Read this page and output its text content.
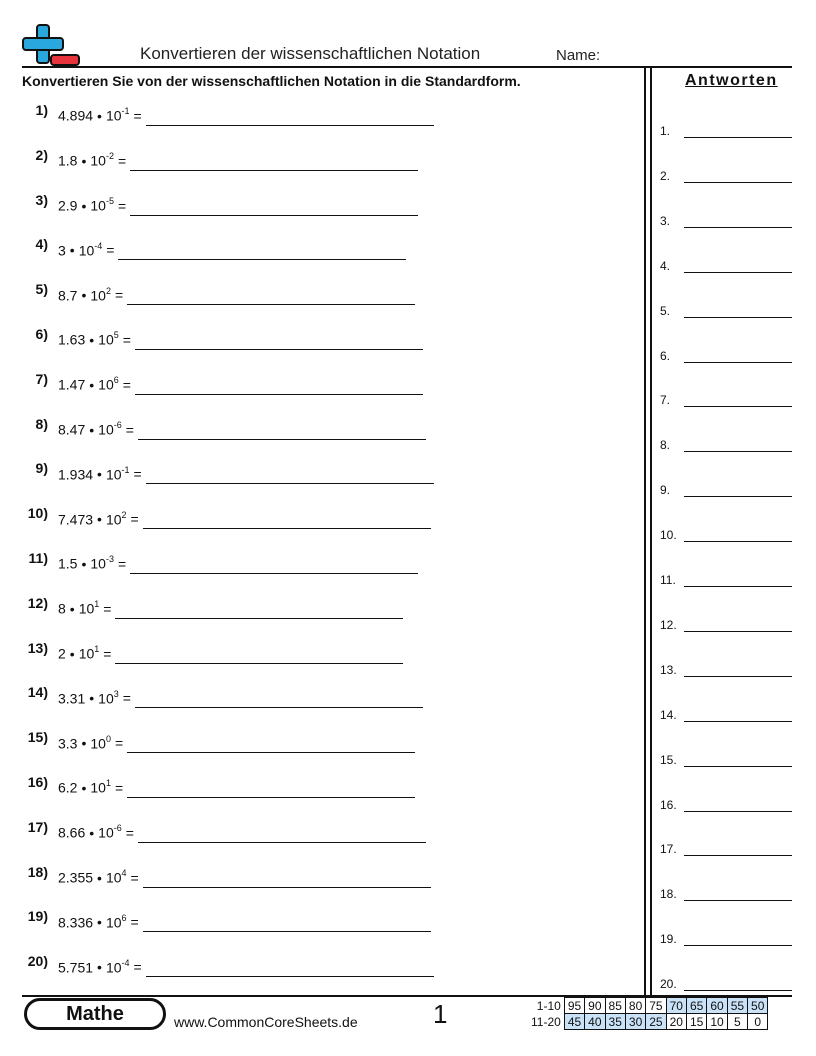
Konvertieren der wissenschaftlichen Notation	Name:
Konvertieren Sie von der wissenschaftlichen Notation in die Standardform.
1) 4.894 • $10^{-1}$ =
2) 1.8 • $10^{-2}$ =
3) 2.9 • $10^{-5}$ =
4) 3 • $10^{-4}$ =
5) 8.7 • $10^2$ =
6) 1.63 • $10^5$ =
7) 1.47 • $10^6$ =
8) 8.47 • $10^{-6}$ =
9) 1.934 • $10^{-1}$ =
10) 7.473 • $10^2$ =
11) 1.5 • $10^{-3}$ =
12) 8 • $10^1$ =
13) 2 • $10^1$ =
14) 3.31 • $10^3$ =
15) 3.3 • $10^0$ =
16) 6.2 • $10^1$ =
17) 8.66 • $10^{-6}$ =
18) 2.355 • $10^4$ =
19) 8.336 • $10^6$ =
20) 5.751 • $10^{-4}$ =
Antworten
1.
2.
3.
4.
5.
6.
7.
8.
9.
10.
11.
12.
13.
14.
15.
16.
17.
18.
19.
20.
Mathe	www.CommonCoreSheets.de	1	1-10	95	90	85	80	75	70	65	60	55	50
11-20	45	40	35	30	25	20	15	10	5	0
